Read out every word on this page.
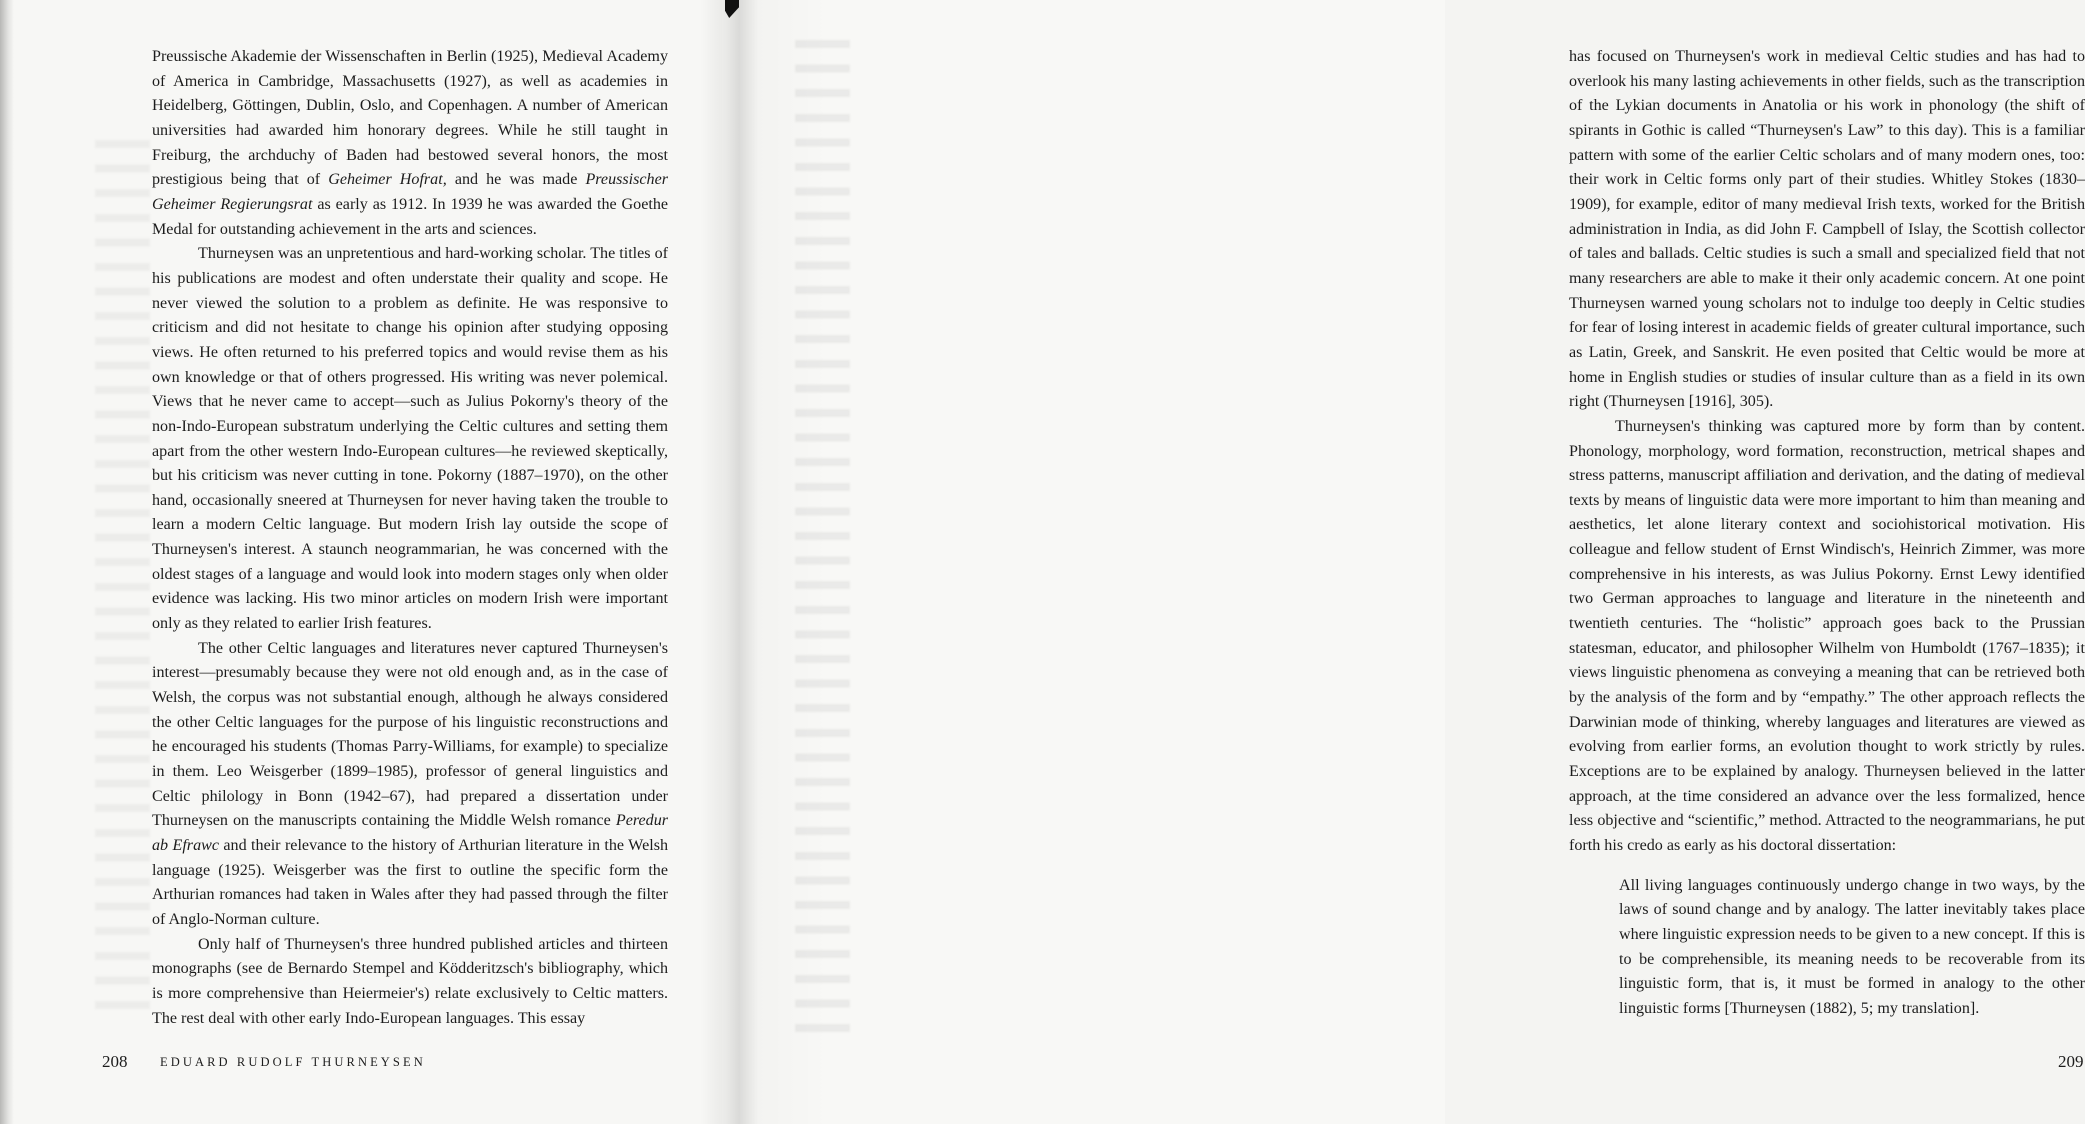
Preussische Akademie der Wissenschaften in Berlin (1925), Medieval Academy of America in Cambridge, Massachusetts (1927), as well as academies in Heidelberg, Göttingen, Dublin, Oslo, and Copenhagen. A number of American universities had awarded him honorary degrees. While he still taught in Freiburg, the archduchy of Baden had bestowed several honors, the most prestigious being that of Geheimer Hofrat, and he was made Preussischer Geheimer Regierungsrat as early as 1912. In 1939 he was awarded the Goethe Medal for outstanding achievement in the arts and sciences.

Thurneysen was an unpretentious and hard-working scholar. The titles of his publications are modest and often understate their quality and scope. He never viewed the solution to a problem as definite. He was responsive to criticism and did not hesitate to change his opinion after studying opposing views. He often returned to his preferred topics and would revise them as his own knowledge or that of others progressed. His writing was never polemical. Views that he never came to accept—such as Julius Pokorny's theory of the non-Indo-European substratum underlying the Celtic cultures and setting them apart from the other western Indo-European cultures—he reviewed skeptically, but his criticism was never cutting in tone. Pokorny (1887–1970), on the other hand, occasionally sneered at Thurneysen for never having taken the trouble to learn a modern Celtic language. But modern Irish lay outside the scope of Thurneysen's interest. A staunch neogrammarian, he was concerned with the oldest stages of a language and would look into modern stages only when older evidence was lacking. His two minor articles on modern Irish were important only as they related to earlier Irish features.

The other Celtic languages and literatures never captured Thurneysen's interest—presumably because they were not old enough and, as in the case of Welsh, the corpus was not substantial enough, although he always considered the other Celtic languages for the purpose of his linguistic reconstructions and he encouraged his students (Thomas Parry-Williams, for example) to specialize in them. Leo Weisgerber (1899–1985), professor of general linguistics and Celtic philology in Bonn (1942–67), had prepared a dissertation under Thurneysen on the manuscripts containing the Middle Welsh romance Peredur ab Efrawc and their relevance to the history of Arthurian literature in the Welsh language (1925). Weisgerber was the first to outline the specific form the Arthurian romances had taken in Wales after they had passed through the filter of Anglo-Norman culture.

Only half of Thurneysen's three hundred published articles and thirteen monographs (see de Bernardo Stempel and Ködderitzsch's bibliography, which is more comprehensive than Heiermeier's) relate exclusively to Celtic matters. The rest deal with other early Indo-European languages. This essay

208	EDUARD RUDOLF THURNEYSEN

has focused on Thurneysen's work in medieval Celtic studies and has had to overlook his many lasting achievements in other fields, such as the transcription of the Lykian documents in Anatolia or his work in phonology (the shift of spirants in Gothic is called “Thurneysen's Law” to this day). This is a familiar pattern with some of the earlier Celtic scholars and of many modern ones, too: their work in Celtic forms only part of their studies. Whitley Stokes (1830–1909), for example, editor of many medieval Irish texts, worked for the British administration in India, as did John F. Campbell of Islay, the Scottish collector of tales and ballads. Celtic studies is such a small and specialized field that not many researchers are able to make it their only academic concern. At one point Thurneysen warned young scholars not to indulge too deeply in Celtic studies for fear of losing interest in academic fields of greater cultural importance, such as Latin, Greek, and Sanskrit. He even posited that Celtic would be more at home in English studies or studies of insular culture than as a field in its own right (Thurneysen [1916], 305).

Thurneysen's thinking was captured more by form than by content. Phonology, morphology, word formation, reconstruction, metrical shapes and stress patterns, manuscript affiliation and derivation, and the dating of medieval texts by means of linguistic data were more important to him than meaning and aesthetics, let alone literary context and sociohistorical motivation. His colleague and fellow student of Ernst Windisch's, Heinrich Zimmer, was more comprehensive in his interests, as was Julius Pokorny. Ernst Lewy identified two German approaches to language and literature in the nineteenth and twentieth centuries. The “holistic” approach goes back to the Prussian statesman, educator, and philosopher Wilhelm von Humboldt (1767–1835); it views linguistic phenomena as conveying a meaning that can be retrieved both by the analysis of the form and by “empathy.” The other approach reflects the Darwinian mode of thinking, whereby languages and literatures are viewed as evolving from earlier forms, an evolution thought to work strictly by rules. Exceptions are to be explained by analogy. Thurneysen believed in the latter approach, at the time considered an advance over the less formalized, hence less objective and “scientific,” method. Attracted to the neogrammarians, he put forth his credo as early as his doctoral dissertation:

All living languages continuously undergo change in two ways, by the laws of sound change and by analogy. The latter inevitably takes place where linguistic expression needs to be given to a new concept. If this is to be comprehensible, its meaning needs to be recoverable from its linguistic form, that is, it must be formed in analogy to the other linguistic forms [Thurneysen (1882), 5; my translation].

209
